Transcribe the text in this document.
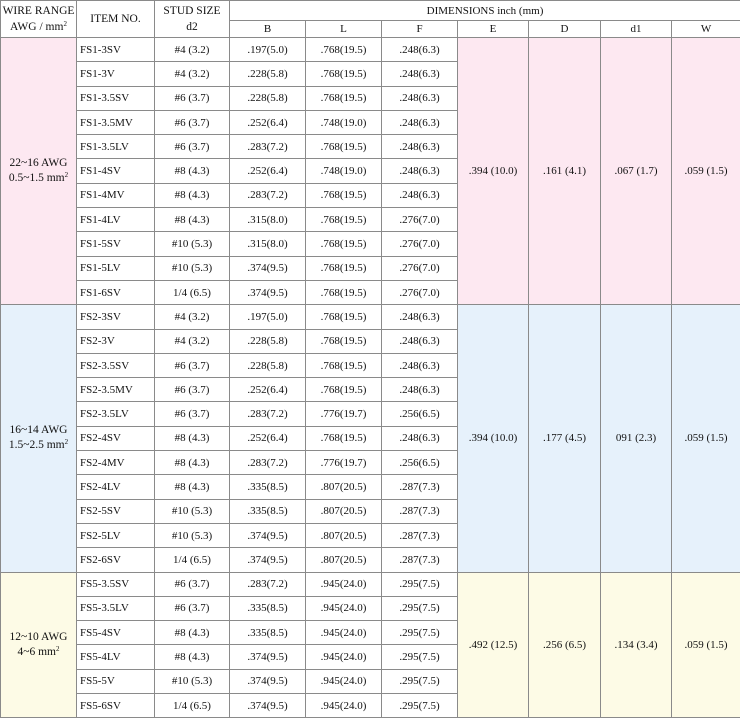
WIRE RANGE
AWG / $mm^2$	ITEM NO.	STUD SIZE
d2	DIMENSIONS inch (mm)						
			B	L	F	E	D	d1	W
22~16 AWG
0.5~1.5 $mm^2$	FS1-3SV	#4 (3.2)	.197(5.0)	.768(19.5)	.248(6.3)	.394 (10.0)	.161 (4.1)	.067 (1.7)	.059 (1.5)
	FS1-3V	#4 (3.2)	.228(5.8)	.768(19.5)	.248(6.3)				
	FS1-3.5SV	#6 (3.7)	.228(5.8)	.768(19.5)	.248(6.3)				
	FS1-3.5MV	#6 (3.7)	.252(6.4)	.748(19.0)	.248(6.3)				
	FS1-3.5LV	#6 (3.7)	.283(7.2)	.768(19.5)	.248(6.3)				
	FS1-4SV	#8 (4.3)	.252(6.4)	.748(19.0)	.248(6.3)				
	FS1-4MV	#8 (4.3)	.283(7.2)	.768(19.5)	.248(6.3)				
	FS1-4LV	#8 (4.3)	.315(8.0)	.768(19.5)	.276(7.0)				
	FS1-5SV	#10 (5.3)	.315(8.0)	.768(19.5)	.276(7.0)				
	FS1-5LV	#10 (5.3)	.374(9.5)	.768(19.5)	.276(7.0)				
	FS1-6SV	1/4 (6.5)	.374(9.5)	.768(19.5)	.276(7.0)				
16~14 AWG
1.5~2.5 $mm^2$	FS2-3SV	#4 (3.2)	.197(5.0)	.768(19.5)	.248(6.3)	.394 (10.0)	.177 (4.5)	091 (2.3)	.059 (1.5)
	FS2-3V	#4 (3.2)	.228(5.8)	.768(19.5)	.248(6.3)				
	FS2-3.5SV	#6 (3.7)	.228(5.8)	.768(19.5)	.248(6.3)				
	FS2-3.5MV	#6 (3.7)	.252(6.4)	.768(19.5)	.248(6.3)				
	FS2-3.5LV	#6 (3.7)	.283(7.2)	.776(19.7)	.256(6.5)				
	FS2-4SV	#8 (4.3)	.252(6.4)	.768(19.5)	.248(6.3)				
	FS2-4MV	#8 (4.3)	.283(7.2)	.776(19.7)	.256(6.5)				
	FS2-4LV	#8 (4.3)	.335(8.5)	.807(20.5)	.287(7.3)				
	FS2-5SV	#10 (5.3)	.335(8.5)	.807(20.5)	.287(7.3)				
	FS2-5LV	#10 (5.3)	.374(9.5)	.807(20.5)	.287(7.3)				
	FS2-6SV	1/4 (6.5)	.374(9.5)	.807(20.5)	.287(7.3)				
12~10 AWG
4~6 $mm^2$	FS5-3.5SV	#6 (3.7)	.283(7.2)	.945(24.0)	.295(7.5)	.492 (12.5)	.256 (6.5)	.134 (3.4)	.059 (1.5)
	FS5-3.5LV	#6 (3.7)	.335(8.5)	.945(24.0)	.295(7.5)				
	FS5-4SV	#8 (4.3)	.335(8.5)	.945(24.0)	.295(7.5)				
	FS5-4LV	#8 (4.3)	.374(9.5)	.945(24.0)	.295(7.5)				
	FS5-5V	#10 (5.3)	.374(9.5)	.945(24.0)	.295(7.5)				
	FS5-6SV	1/4 (6.5)	.374(9.5)	.945(24.0)	.295(7.5)				
